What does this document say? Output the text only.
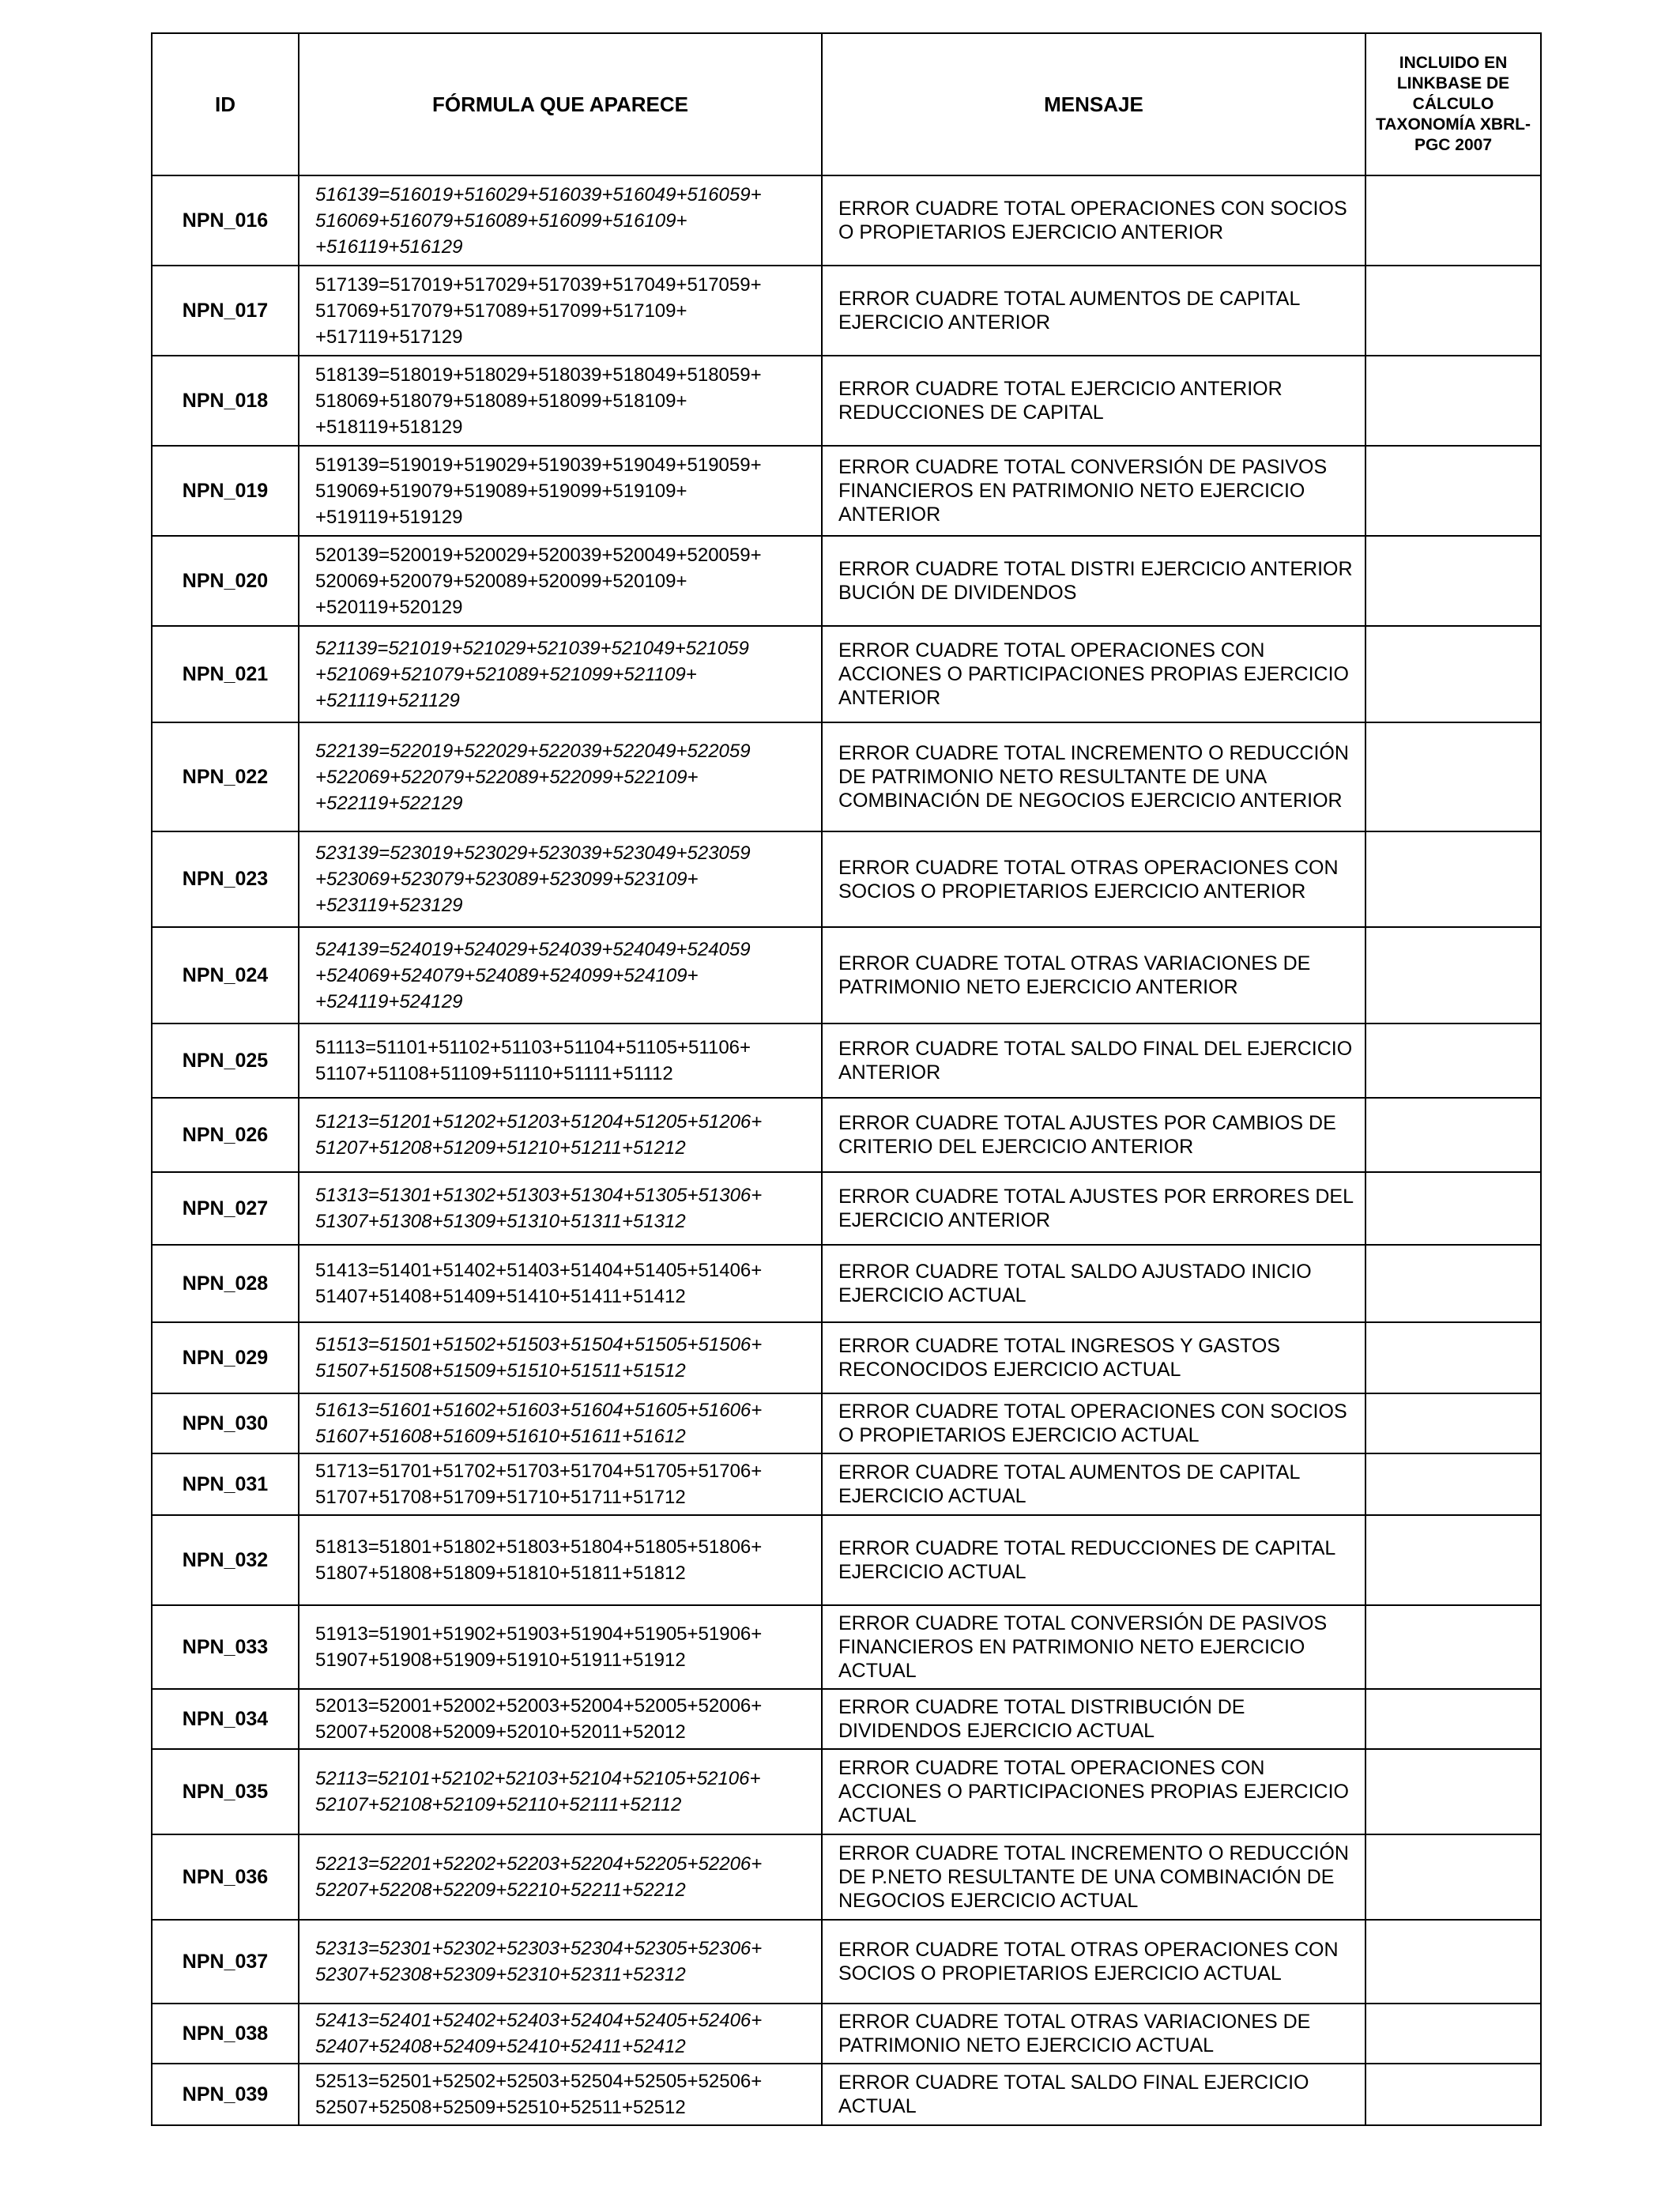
ID	FÓRMULA QUE APARECE	MENSAJE	INCLUIDO EN LINKBASE DE CÁLCULO TAXONOMÍA XBRL-PGC 2007
NPN_016	516139=516019+516029+516039+516049+516059+
516069+516079+516089+516099+516109+
+516119+516129	ERROR CUADRE TOTAL OPERACIONES CON SOCIOS O PROPIETARIOS EJERCICIO ANTERIOR	
NPN_017	517139=517019+517029+517039+517049+517059+
517069+517079+517089+517099+517109+
+517119+517129	ERROR CUADRE TOTAL AUMENTOS DE CAPITAL EJERCICIO ANTERIOR	
NPN_018	518139=518019+518029+518039+518049+518059+
518069+518079+518089+518099+518109+
+518119+518129	ERROR CUADRE TOTAL EJERCICIO ANTERIOR REDUCCIONES DE CAPITAL	
NPN_019	519139=519019+519029+519039+519049+519059+
519069+519079+519089+519099+519109+
+519119+519129	ERROR CUADRE TOTAL CONVERSIÓN DE PASIVOS FINANCIEROS EN PATRIMONIO NETO EJERCICIO ANTERIOR	
NPN_020	520139=520019+520029+520039+520049+520059+
520069+520079+520089+520099+520109+
+520119+520129	ERROR CUADRE TOTAL DISTRI EJERCICIO ANTERIOR BUCIÓN DE DIVIDENDOS	
NPN_021	521139=521019+521029+521039+521049+521059
+521069+521079+521089+521099+521109+
+521119+521129	ERROR CUADRE TOTAL OPERACIONES CON ACCIONES O PARTICIPACIONES PROPIAS EJERCICIO ANTERIOR	
NPN_022	522139=522019+522029+522039+522049+522059
+522069+522079+522089+522099+522109+
+522119+522129	ERROR CUADRE TOTAL INCREMENTO O REDUCCIÓN DE PATRIMONIO NETO RESULTANTE DE UNA COMBINACIÓN DE NEGOCIOS EJERCICIO ANTERIOR	
NPN_023	523139=523019+523029+523039+523049+523059
+523069+523079+523089+523099+523109+
+523119+523129	ERROR CUADRE TOTAL OTRAS OPERACIONES CON SOCIOS O PROPIETARIOS EJERCICIO ANTERIOR	
NPN_024	524139=524019+524029+524039+524049+524059
+524069+524079+524089+524099+524109+
+524119+524129	ERROR CUADRE TOTAL OTRAS VARIACIONES DE PATRIMONIO NETO EJERCICIO ANTERIOR	
NPN_025	51113=51101+51102+51103+51104+51105+51106+
51107+51108+51109+51110+51111+51112	ERROR CUADRE TOTAL SALDO FINAL DEL EJERCICIO ANTERIOR	
NPN_026	51213=51201+51202+51203+51204+51205+51206+
51207+51208+51209+51210+51211+51212	ERROR CUADRE TOTAL AJUSTES POR CAMBIOS DE CRITERIO DEL EJERCICIO ANTERIOR	
NPN_027	51313=51301+51302+51303+51304+51305+51306+
51307+51308+51309+51310+51311+51312	ERROR CUADRE TOTAL AJUSTES POR ERRORES DEL EJERCICIO ANTERIOR	
NPN_028	51413=51401+51402+51403+51404+51405+51406+
51407+51408+51409+51410+51411+51412	ERROR CUADRE TOTAL SALDO AJUSTADO INICIO EJERCICIO ACTUAL	
NPN_029	51513=51501+51502+51503+51504+51505+51506+
51507+51508+51509+51510+51511+51512	ERROR CUADRE TOTAL INGRESOS Y GASTOS RECONOCIDOS EJERCICIO ACTUAL	
NPN_030	51613=51601+51602+51603+51604+51605+51606+
51607+51608+51609+51610+51611+51612	ERROR CUADRE TOTAL OPERACIONES CON SOCIOS O PROPIETARIOS EJERCICIO ACTUAL	
NPN_031	51713=51701+51702+51703+51704+51705+51706+
51707+51708+51709+51710+51711+51712	ERROR CUADRE TOTAL AUMENTOS DE CAPITAL EJERCICIO ACTUAL	
NPN_032	51813=51801+51802+51803+51804+51805+51806+
51807+51808+51809+51810+51811+51812	ERROR CUADRE TOTAL REDUCCIONES DE CAPITAL EJERCICIO ACTUAL	
NPN_033	51913=51901+51902+51903+51904+51905+51906+
51907+51908+51909+51910+51911+51912	ERROR CUADRE TOTAL CONVERSIÓN DE PASIVOS FINANCIEROS EN PATRIMONIO NETO EJERCICIO ACTUAL	
NPN_034	52013=52001+52002+52003+52004+52005+52006+
52007+52008+52009+52010+52011+52012	ERROR CUADRE TOTAL DISTRIBUCIÓN DE DIVIDENDOS EJERCICIO ACTUAL	
NPN_035	52113=52101+52102+52103+52104+52105+52106+
52107+52108+52109+52110+52111+52112	ERROR CUADRE TOTAL OPERACIONES CON ACCIONES O PARTICIPACIONES PROPIAS EJERCICIO ACTUAL	
NPN_036	52213=52201+52202+52203+52204+52205+52206+
52207+52208+52209+52210+52211+52212	ERROR CUADRE TOTAL INCREMENTO O REDUCCIÓN DE P.NETO RESULTANTE DE UNA COMBINACIÓN DE NEGOCIOS EJERCICIO ACTUAL	
NPN_037	52313=52301+52302+52303+52304+52305+52306+
52307+52308+52309+52310+52311+52312	ERROR CUADRE TOTAL OTRAS OPERACIONES CON SOCIOS O PROPIETARIOS EJERCICIO ACTUAL	
NPN_038	52413=52401+52402+52403+52404+52405+52406+
52407+52408+52409+52410+52411+52412	ERROR CUADRE TOTAL OTRAS VARIACIONES DE PATRIMONIO NETO EJERCICIO ACTUAL	
NPN_039	52513=52501+52502+52503+52504+52505+52506+
52507+52508+52509+52510+52511+52512	ERROR CUADRE TOTAL SALDO FINAL EJERCICIO ACTUAL	
